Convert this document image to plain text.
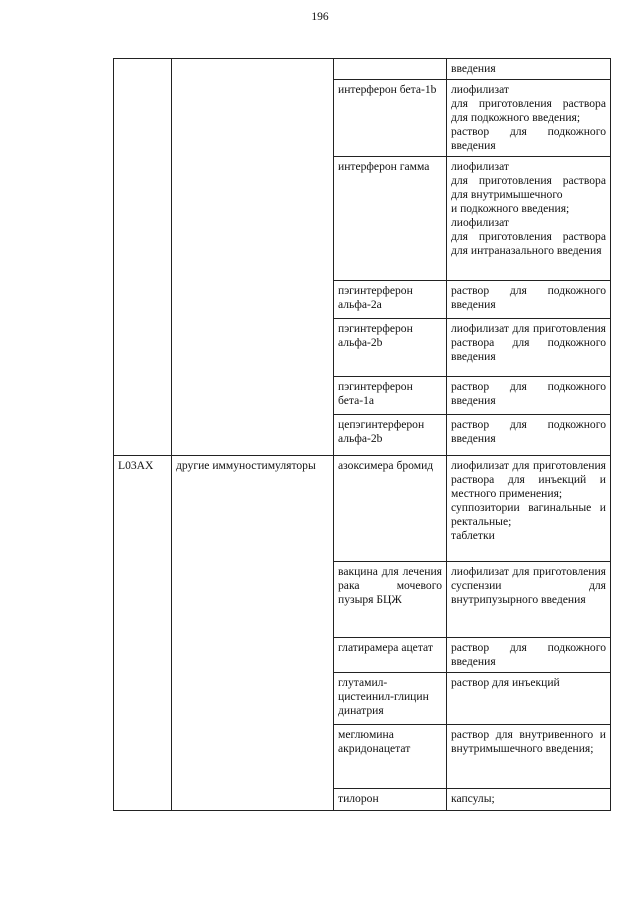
196

			введения

		интерферон бета-1b	лиофилизат
для приготовления раствора для подкожного введения;
раствор для подкожного введения

		интерферон гамма	лиофилизат
для приготовления раствора для внутримышечного
и подкожного введения;
лиофилизат
для приготовления раствора для интраназального введения

		пэгинтерферон альфа-2а	раствор для подкожного введения

		пэгинтерферон альфа-2b	лиофилизат для приготовления раствора для подкожного введения

		пэгинтерферон бета-1а	раствор для подкожного введения

		цепэгинтерферон альфа-2b	раствор для подкожного введения

L03AX	другие иммуностимуляторы	азоксимера бромид	лиофилизат для приготовления раствора для инъекций и местного применения;
суппозитории вагинальные и ректальные;
таблетки

		вакцина для лечения рака мочевого пузыря БЦЖ	лиофилизат для приготовления суспензии для внутрипузырного введения

		глатирамера ацетат	раствор для подкожного введения

		глутамил-цистеинил-глицин динатрия	раствор для инъекций

		меглюмина акридонацетат	раствор для внутривенного и внутримышечного введения;

		тилорон	капсулы;
